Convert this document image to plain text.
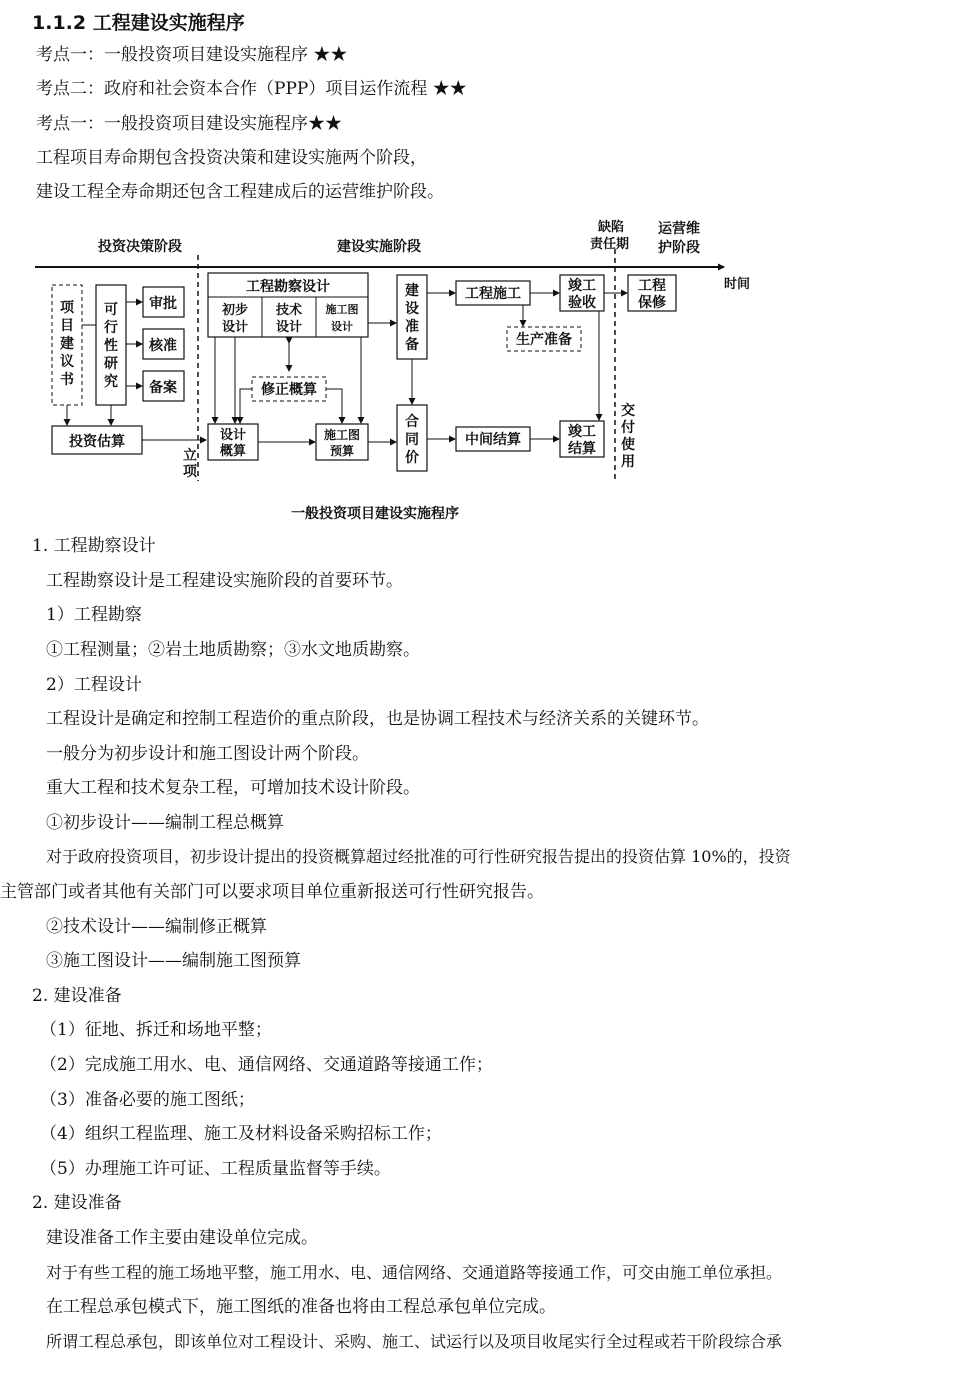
1.1.2 工程建设实施程序
考点一：一般投资项目建设实施程序 ★★
考点二：政府和社会资本合作（PPP）项目运作流程 ★★
考点一：一般投资项目建设实施程序★★
工程项目寿命期包含投资决策和建设实施两个阶段，
建设工程全寿命期还包含工程建成后的运营维护阶段。
投资决策阶段	建设实施阶段
缺陷
责任期
运营维
护阶段
时间
项
目
建
议
书
可
行
性
研
究
审批
核准
备案
投资估算
立
项
工程勘察设计
初步
设计
技术
设计
施工图
设计
修正概算
设计
概算
施工图
预算
建
设
准
备
合
同
价
工程施工
生产准备
中间结算
竣工
验收
竣工
结算
工程
保修
交
付
使
用
一般投资项目建设实施程序
1. 工程勘察设计
工程勘察设计是工程建设实施阶段的首要环节。
1）工程勘察
①工程测量；②岩土地质勘察；③水文地质勘察。
2）工程设计
工程设计是确定和控制工程造价的重点阶段，也是协调工程技术与经济关系的关键环节。
一般分为初步设计和施工图设计两个阶段。
重大工程和技术复杂工程，可增加技术设计阶段。
①初步设计——编制工程总概算
对于政府投资项目，初步设计提出的投资概算超过经批准的可行性研究报告提出的投资估算 10%的，投资
主管部门或者其他有关部门可以要求项目单位重新报送可行性研究报告。
②技术设计——编制修正概算
③施工图设计——编制施工图预算
2. 建设准备
（1）征地、拆迁和场地平整；
（2）完成施工用水、电、通信网络、交通道路等接通工作；
（3）准备必要的施工图纸；
（4）组织工程监理、施工及材料设备采购招标工作；
（5）办理施工许可证、工程质量监督等手续。
2. 建设准备
建设准备工作主要由建设单位完成。
对于有些工程的施工场地平整，施工用水、电、通信网络、交通道路等接通工作，可交由施工单位承担。
在工程总承包模式下，施工图纸的准备也将由工程总承包单位完成。
所谓工程总承包，即该单位对工程设计、采购、施工、试运行以及项目收尾实行全过程或若干阶段综合承
